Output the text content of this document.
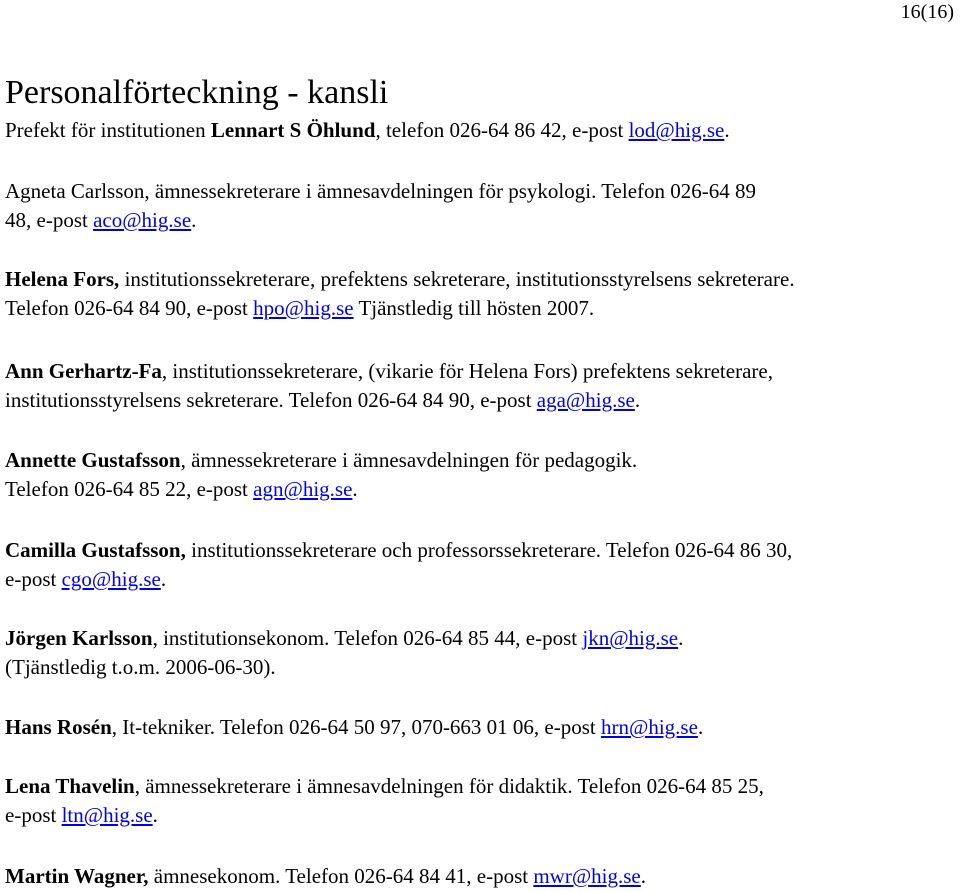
16(16)
Personalförteckning - kansli

Prefekt för institutionen Lennart S Öhlund, telefon 026-64 86 42, e-post lod@hig.se.

Agneta Carlsson, ämnessekreterare i ämnesavdelningen för psykologi. Telefon 026-64 89
48, e-post aco@hig.se.

Helena Fors, institutionssekreterare, prefektens sekreterare, institutionsstyrelsens sekreterare.
Telefon 026-64 84 90, e-post hpo@hig.se Tjänstledig till hösten 2007.

Ann Gerhartz-Fa, institutionssekreterare, (vikarie för Helena Fors) prefektens sekreterare,
institutionsstyrelsens sekreterare. Telefon 026-64 84 90, e-post aga@hig.se.

Annette Gustafsson, ämnessekreterare i ämnesavdelningen för pedagogik.
Telefon 026-64 85 22, e-post agn@hig.se.

Camilla Gustafsson, institutionssekreterare och professorssekreterare. Telefon 026-64 86 30,
e-post cgo@hig.se.

Jörgen Karlsson, institutionsekonom. Telefon 026-64 85 44, e-post jkn@hig.se.
(Tjänstledig t.o.m. 2006-06-30).

Hans Rosén, It-tekniker. Telefon 026-64 50 97, 070-663 01 06, e-post hrn@hig.se.

Lena Thavelin, ämnessekreterare i ämnesavdelningen för didaktik. Telefon 026-64 85 25,
e-post ltn@hig.se.

Martin Wagner, ämnesekonom. Telefon 026-64 84 41, e-post mwr@hig.se.
